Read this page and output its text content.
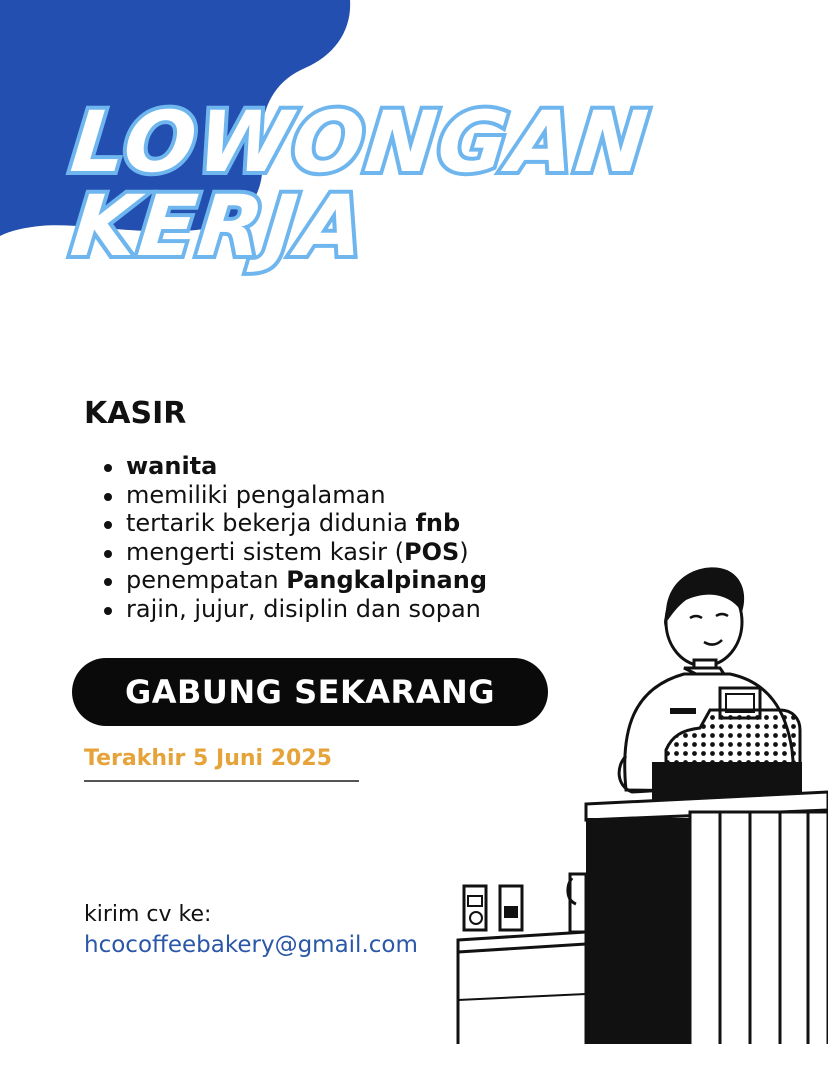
LOWONGAN
KERJA
KASIR
wanita
memiliki pengalaman
tertarik bekerja didunia fnb
mengerti sistem kasir (POS)
penempatan Pangkalpinang
rajin, jujur, disiplin dan sopan
GABUNG SEKARANG
Terakhir 5 Juni 2025
kirim cv ke:
hcocoffeebakery@gmail.com
